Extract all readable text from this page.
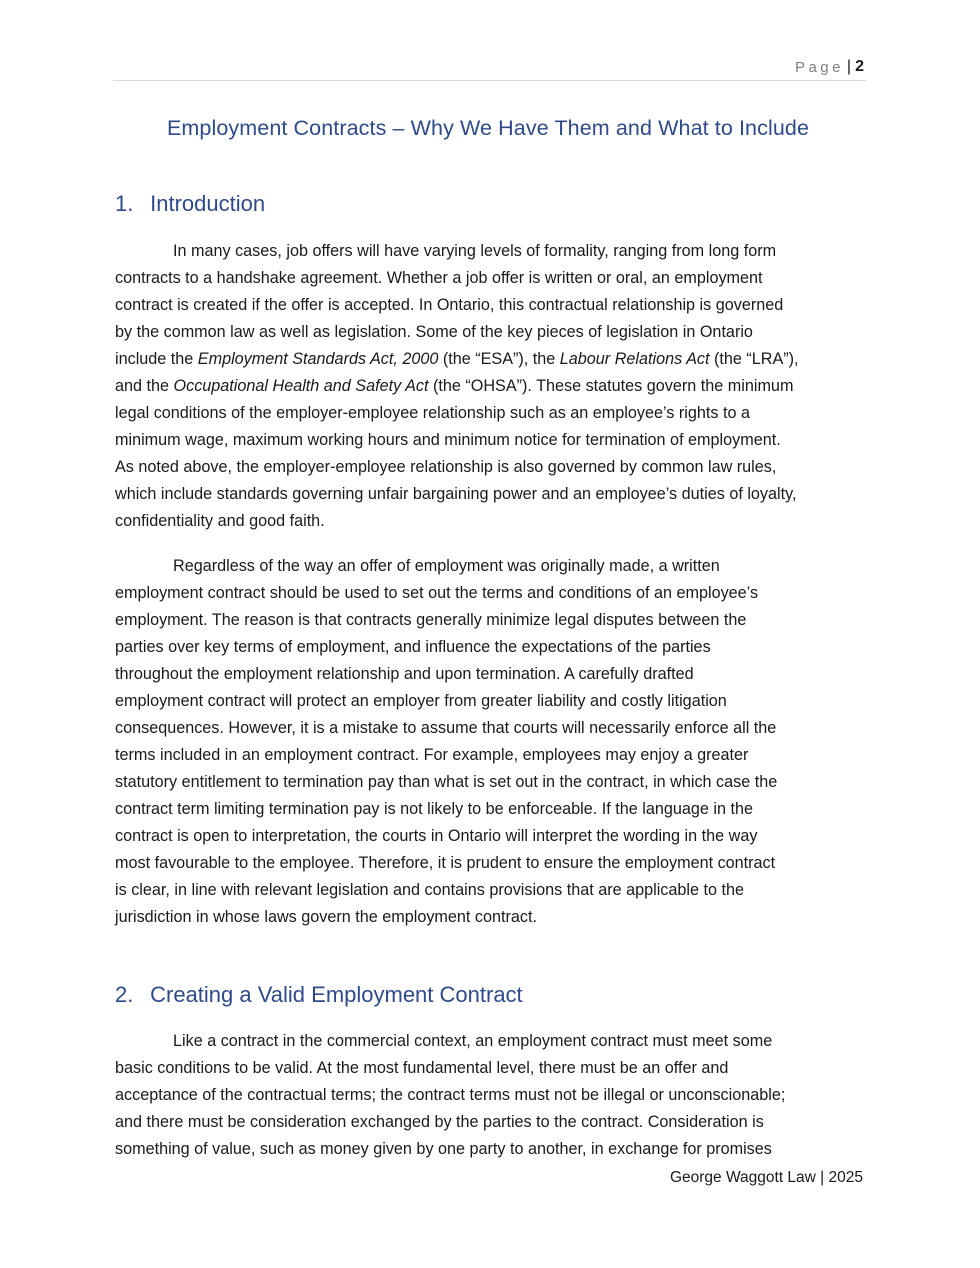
Page | 2
Employment Contracts – Why We Have Them and What to Include
1. Introduction
In many cases, job offers will have varying levels of formality, ranging from long form
contracts to a handshake agreement. Whether a job offer is written or oral, an employment
contract is created if the offer is accepted. In Ontario, this contractual relationship is governed
by the common law as well as legislation. Some of the key pieces of legislation in Ontario
include the Employment Standards Act, 2000 (the “ESA”), the Labour Relations Act (the “LRA”),
and the Occupational Health and Safety Act (the “OHSA”). These statutes govern the minimum
legal conditions of the employer-employee relationship such as an employee’s rights to a
minimum wage, maximum working hours and minimum notice for termination of employment.
As noted above, the employer-employee relationship is also governed by common law rules,
which include standards governing unfair bargaining power and an employee’s duties of loyalty,
confidentiality and good faith.
Regardless of the way an offer of employment was originally made, a written
employment contract should be used to set out the terms and conditions of an employee’s
employment. The reason is that contracts generally minimize legal disputes between the
parties over key terms of employment, and influence the expectations of the parties
throughout the employment relationship and upon termination. A carefully drafted
employment contract will protect an employer from greater liability and costly litigation
consequences. However, it is a mistake to assume that courts will necessarily enforce all the
terms included in an employment contract. For example, employees may enjoy a greater
statutory entitlement to termination pay than what is set out in the contract, in which case the
contract term limiting termination pay is not likely to be enforceable. If the language in the
contract is open to interpretation, the courts in Ontario will interpret the wording in the way
most favourable to the employee. Therefore, it is prudent to ensure the employment contract
is clear, in line with relevant legislation and contains provisions that are applicable to the
jurisdiction in whose laws govern the employment contract.
2. Creating a Valid Employment Contract
Like a contract in the commercial context, an employment contract must meet some
basic conditions to be valid. At the most fundamental level, there must be an offer and
acceptance of the contractual terms; the contract terms must not be illegal or unconscionable;
and there must be consideration exchanged by the parties to the contract. Consideration is
something of value, such as money given by one party to another, in exchange for promises
George Waggott Law | 2025
